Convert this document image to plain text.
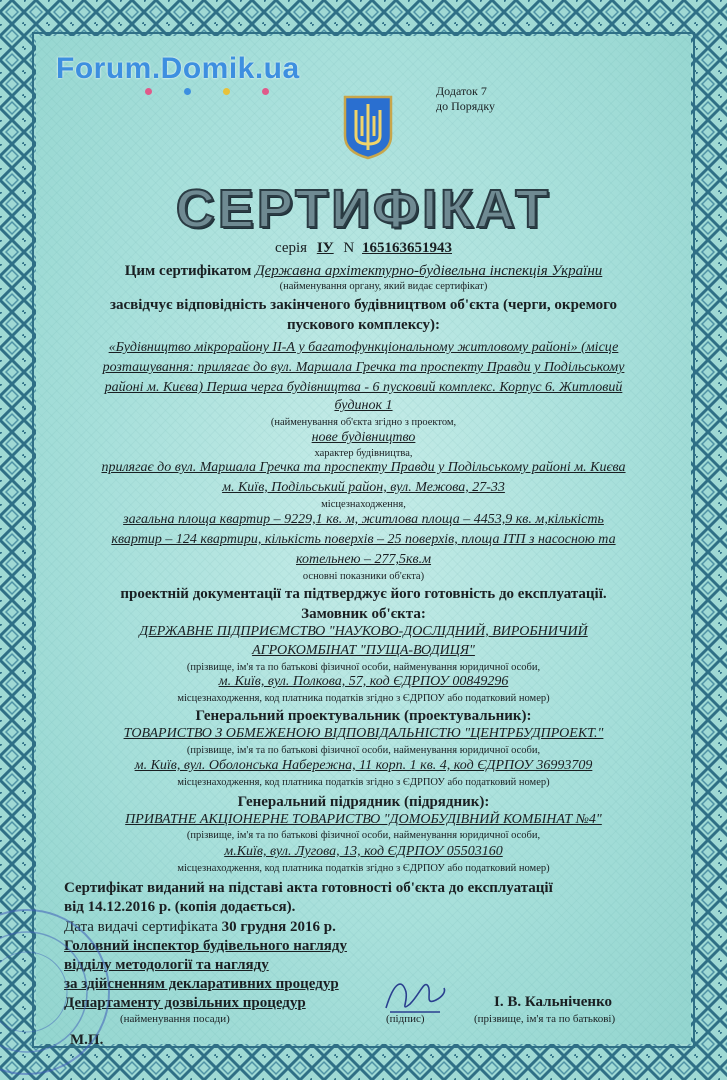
Forum.Domik.ua
Додаток 7
до Порядку
СЕРТИФІКАТ
серія ІУ N 165163651943
Цим сертифікатом Державна архітектурно-будівельна інспекція України
(найменування органу, який видає сертифікат)
засвідчує відповідність закінченого будівництвом об'єкта (черги, окремого
пускового комплексу):
«Будівництво мікрорайону ІІ-А у багатофункціональному житловому районі» (місце
розташування: прилягає до вул. Маршала Гречка та проспекту Правди у Подільському
районі м. Києва) Перша черга будівництва - 6 пусковий комплекс. Корпус 6. Житловий
будинок 1
(найменування об'єкта згідно з проектом,
нове будівництво
характер будівництва,
прилягає до вул. Маршала Гречка та проспекту Правди у Подільському районі м. Києва
м. Київ, Подільський район, вул. Межова, 27-33
місцезнаходження,
загальна площа квартир – 9229,1 кв. м, житлова площа – 4453,9 кв. м,кількість
квартир – 124 квартири, кількість поверхів – 25 поверхів, площа ІТП з насосною та
котельнею – 277,5кв.м
основні показники об'єкта)
проектній документації та підтверджує його готовність до експлуатації.
Замовник об'єкта:
ДЕРЖАВНЕ ПІДПРИЄМСТВО "НАУКОВО-ДОСЛІДНИЙ, ВИРОБНИЧИЙ
АГРОКОМБІНАТ "ПУЩА-ВОДИЦЯ"
(прізвище, ім'я та по батькові фізичної особи, найменування юридичної особи,
м. Київ, вул. Полкова, 57, код ЄДРПОУ 00849296
місцезнаходження, код платника податків згідно з ЄДРПОУ або податковий номер)
Генеральний проектувальник (проектувальник):
ТОВАРИСТВО З ОБМЕЖЕНОЮ ВІДПОВІДАЛЬНІСТЮ "ЦЕНТРБУДПРОЕКТ."
(прізвище, ім'я та по батькові фізичної особи, найменування юридичної особи,
м. Київ, вул. Оболонська Набережна, 11 корп. 1 кв. 4, код ЄДРПОУ 36993709
місцезнаходження, код платника податків згідно з ЄДРПОУ або податковий номер)
Генеральний підрядник (підрядник):
ПРИВАТНЕ АКЦІОНЕРНЕ ТОВАРИСТВО "ДОМОБУДІВНИЙ КОМБІНАТ №4"
(прізвище, ім'я та по батькові фізичної особи, найменування юридичної особи,
м.Київ, вул. Лугова, 13, код ЄДРПОУ 05503160
місцезнаходження, код платника податків згідно з ЄДРПОУ або податковий номер)
Сертифікат виданий на підставі акта готовності об'єкта до експлуатації
від 14.12.2016 р. (копія додається).
Дата видачі сертифіката 30 грудня 2016 р.
Головний інспектор будівельного нагляду
відділу методології та нагляду
за здійсненням декларативних процедур
Департаменту дозвільних процедур
(найменування посади)	(підпис)
І. В. Кальніченко
(прізвище, ім'я та по батькові)
М.П.
